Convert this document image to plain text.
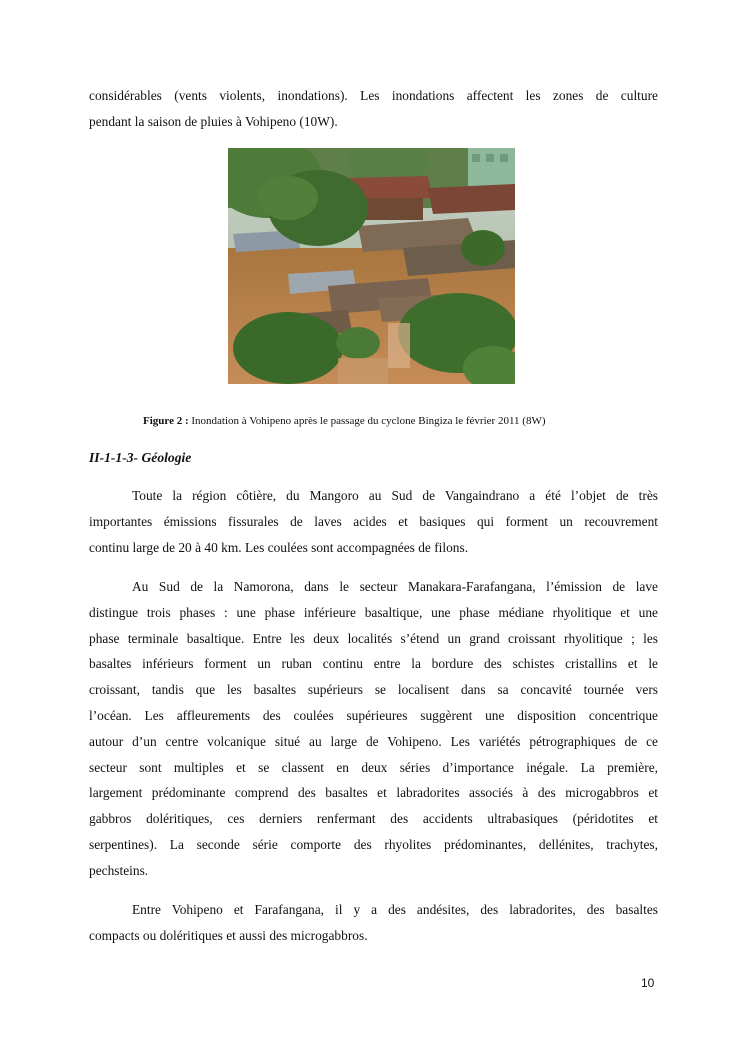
considérables (vents violents, inondations). Les inondations affectent les zones de culture
pendant la saison de pluies à Vohipeno (10W).
Figure 2 : Inondation à Vohipeno après le passage du cyclone Bingiza le février 2011 (8W)
II-1-1-3- Géologie
Toute la région côtière, du Mangoro au Sud de Vangaindrano a été l’objet de très
importantes émissions fissurales de laves acides et basiques qui forment un recouvrement
continu large de 20 à 40 km. Les coulées sont accompagnées de filons.
Au Sud de la Namorona, dans le secteur Manakara-Farafangana, l’émission de lave
distingue trois phases : une phase inférieure basaltique, une phase médiane rhyolitique et une
phase terminale basaltique. Entre les deux localités s’étend un grand croissant rhyolitique ; les
basaltes inférieurs forment un ruban continu entre la bordure des schistes cristallins et le
croissant, tandis que les basaltes supérieurs se localisent dans sa concavité tournée vers
l’océan. Les affleurements des coulées supérieures suggèrent une disposition concentrique
autour d’un centre volcanique situé au large de Vohipeno. Les variétés pétrographiques de ce
secteur sont multiples et se classent en deux séries d’importance inégale. La première,
largement prédominante comprend des basaltes et labradorites associés à des microgabbros et
gabbros doléritiques, ces derniers renfermant des accidents ultrabasiques (péridotites et
serpentines). La seconde série comporte des rhyolites prédominantes, dellénites, trachytes,
pechsteins.
Entre Vohipeno et Farafangana, il y a des andésites, des labradorites, des basaltes
compacts ou doléritiques et aussi des microgabbros.
10
